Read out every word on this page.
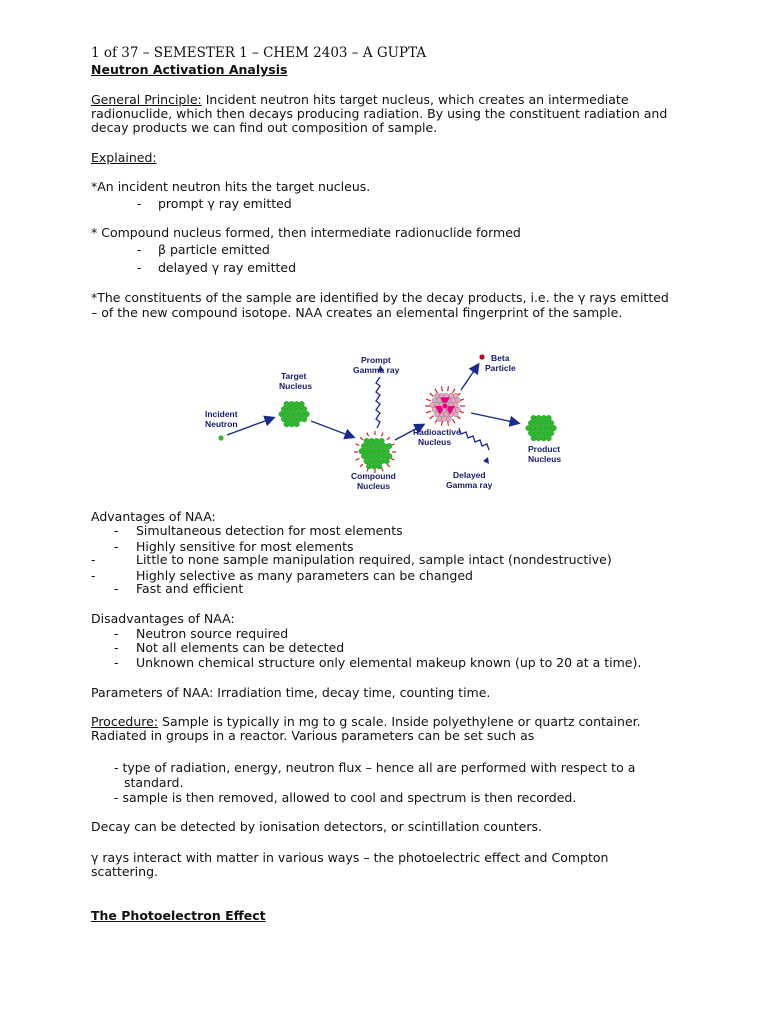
1 of 37 – SEMESTER 1 – CHEM 2403 – A GUPTA
Neutron Activation Analysis
General Principle: Incident neutron hits target nucleus, which creates an intermediate
radionuclide, which then decays producing radiation. By using the constituent radiation and
decay products we can find out composition of sample.
Explained:
*An incident neutron hits the target nucleus.
- prompt γ ray emitted
* Compound nucleus formed, then intermediate radionuclide formed
- β particle emitted
- delayed γ ray emitted
*The constituents of the sample are identified by the decay products, i.e. the γ rays emitted
– of the new compound isotope. NAA creates an elemental fingerprint of the sample.
Incident Neutron
Target Nucleus
Compound Nucleus
Prompt Gamma ray
Radioactive Nucleus
Beta Particle
Delayed Gamma ray
Product Nucleus
Advantages of NAA:
- Simultaneous detection for most elements
- Highly sensitive for most elements
-	Little to none sample manipulation required, sample intact (nondestructive)
-	Highly selective as many parameters can be changed
- Fast and efficient
Disadvantages of NAA:
- Neutron source required
- Not all elements can be detected
- Unknown chemical structure only elemental makeup known (up to 20 at a time).
Parameters of NAA: Irradiation time, decay time, counting time.
Procedure: Sample is typically in mg to g scale. Inside polyethylene or quartz container.
Radiated in groups in a reactor. Various parameters can be set such as
- type of radiation, energy, neutron flux – hence all are performed with respect to a
standard.
- sample is then removed, allowed to cool and spectrum is then recorded.
Decay can be detected by ionisation detectors, or scintillation counters.
γ rays interact with matter in various ways – the photoelectric effect and Compton
scattering.
The Photoelectron Effect
